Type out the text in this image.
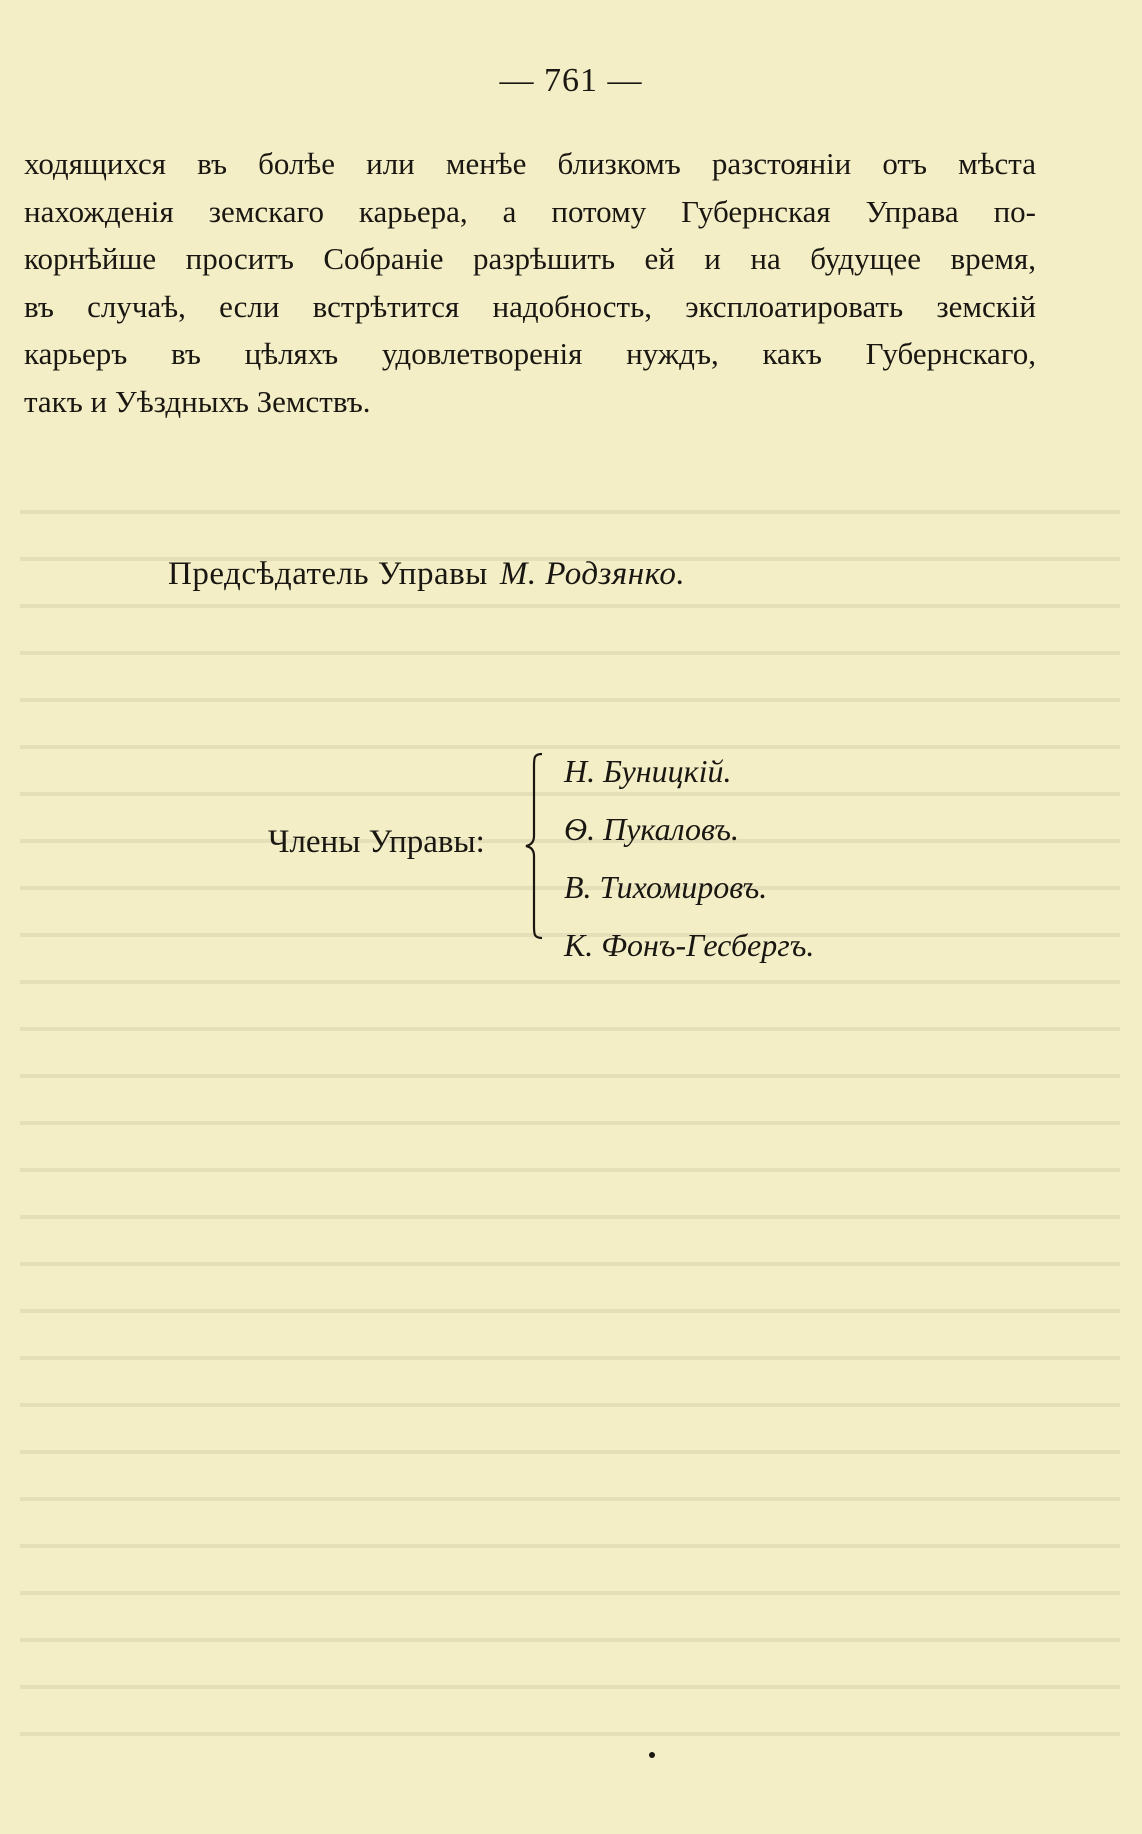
— 761 —
ходящихся въ болѣе или менѣе близкомъ разстояніи отъ мѣста
нахожденія земскаго карьера, а потому Губернская Управа по-
корнѣйше проситъ Собраніе разрѣшить ей и на будущее время,
въ случаѣ, если встрѣтится надобность, эксплоатировать земскій
карьеръ въ цѣляхъ удовлетворенія нуждъ, какъ Губернскаго,
такъ и Уѣздныхъ Земствъ.
Предсѣдатель Управы М. Родзянко.
Члены Управы:
Н. Буницкій.
Ѳ. Пукаловъ.
В. Тихомировъ.
К. Фонъ-Гесбергъ.
